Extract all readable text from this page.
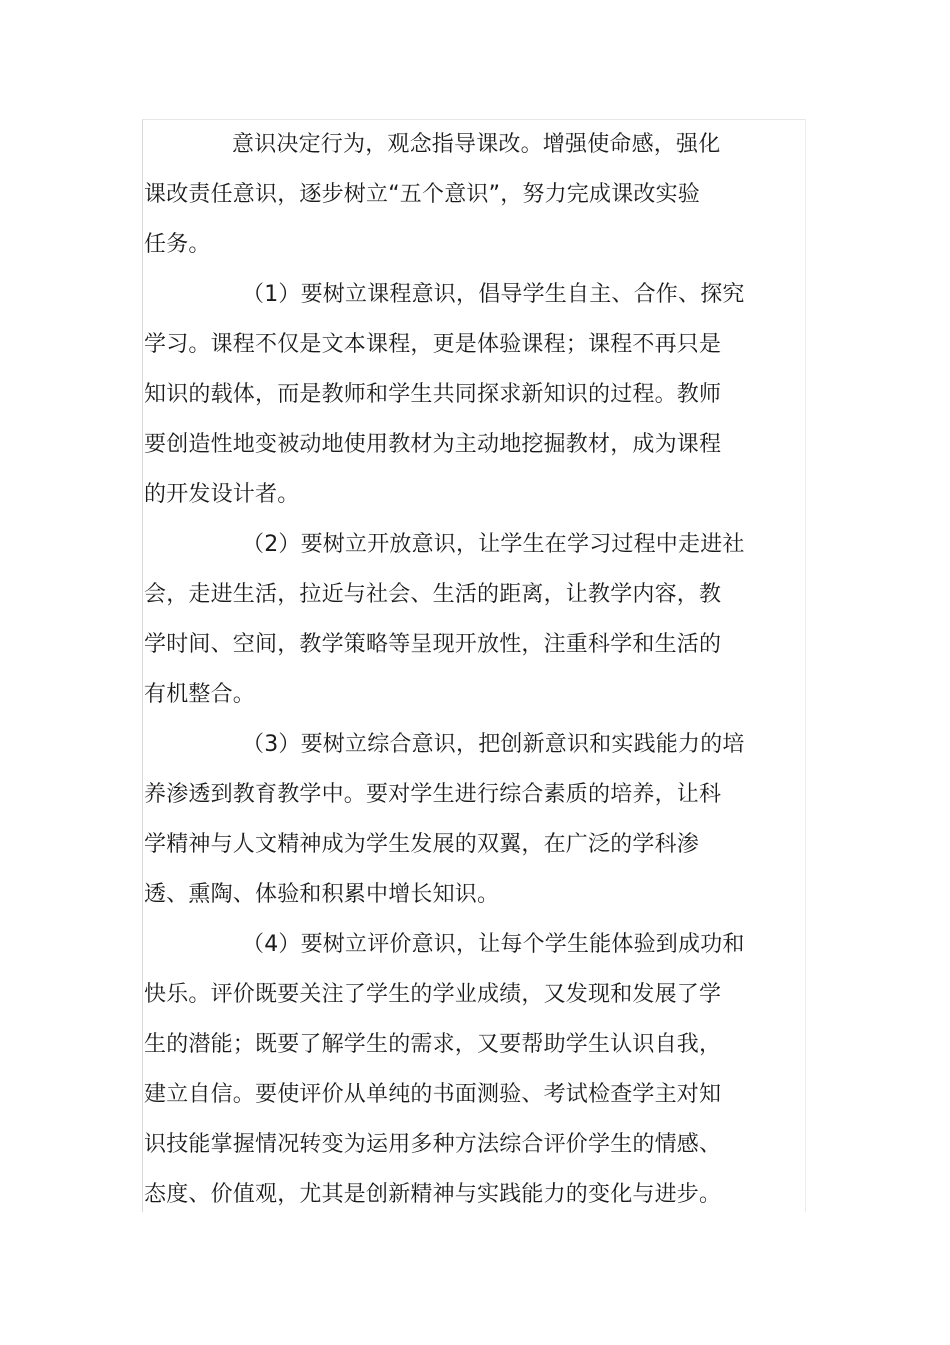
意识决定行为，观念指导课改。增强使命感，强化
课改责任意识，逐步树立“五个意识”，努力完成课改实验
任务。
（1）要树立课程意识，倡导学生自主、合作、探究
学习。课程不仅是文本课程，更是体验课程；课程不再只是
知识的载体，而是教师和学生共同探求新知识的过程。教师
要创造性地变被动地使用教材为主动地挖掘教材，成为课程
的开发设计者。
（2）要树立开放意识，让学生在学习过程中走进社
会，走进生活，拉近与社会、生活的距离，让教学内容，教
学时间、空间，教学策略等呈现开放性，注重科学和生活的
有机整合。
（3）要树立综合意识，把创新意识和实践能力的培
养渗透到教育教学中。要对学生进行综合素质的培养，让科
学精神与人文精神成为学生发展的双翼，在广泛的学科渗
透、熏陶、体验和积累中增长知识。
（4）要树立评价意识，让每个学生能体验到成功和
快乐。评价既要关注了学生的学业成绩，又发现和发展了学
生的潜能；既要了解学生的需求，又要帮助学生认识自我，
建立自信。要使评价从单纯的书面测验、考试检查学主对知
识技能掌握情况转变为运用多种方法综合评价学生的情感、
态度、价值观，尤其是创新精神与实践能力的变化与进步。
